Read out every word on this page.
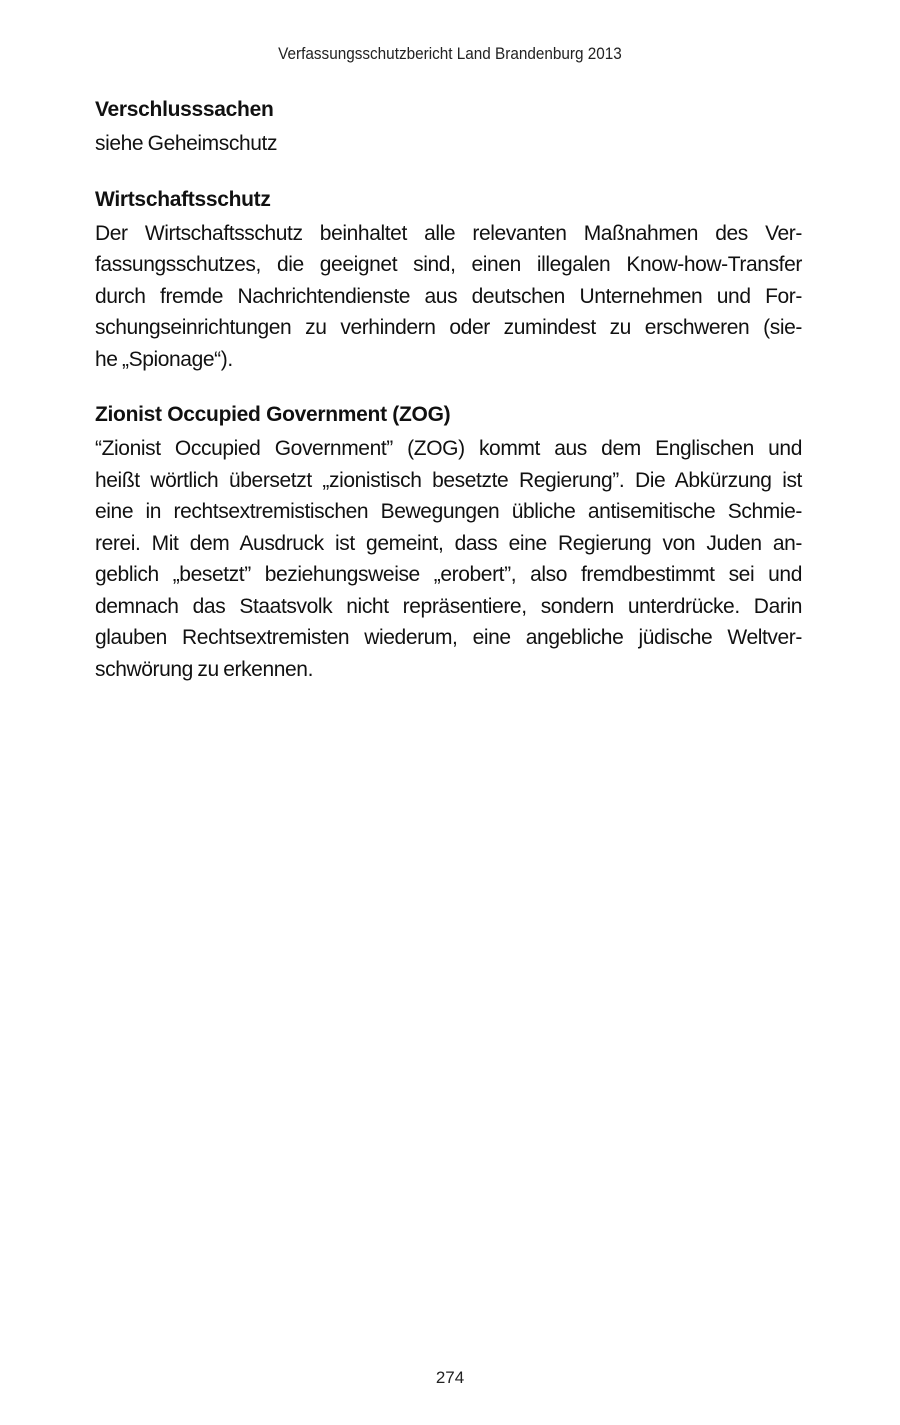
Verfassungsschutzbericht Land Brandenburg 2013
Verschlusssachen
siehe Geheimschutz
Wirtschaftsschutz
Der Wirtschaftsschutz beinhaltet alle relevanten Maßnahmen des Ver-
fassungsschutzes, die geeignet sind, einen illegalen Know-how-Transfer
durch fremde Nachrichtendienste aus deutschen Unternehmen und For-
schungseinrichtungen zu verhindern oder zumindest zu erschweren (sie-
he „Spionage“).
Zionist Occupied Government (ZOG)
“Zionist Occupied Government” (ZOG) kommt aus dem Englischen und
heißt wörtlich übersetzt „zionistisch besetzte Regierung”. Die Abkürzung ist
eine in rechtsextremistischen Bewegungen übliche antisemitische Schmie-
rerei. Mit dem Ausdruck ist gemeint, dass eine Regierung von Juden an-
geblich „besetzt” beziehungsweise „erobert”, also fremdbestimmt sei und
demnach das Staatsvolk nicht repräsentiere, sondern unterdrücke. Darin
glauben Rechtsextremisten wiederum, eine angebliche jüdische Weltver-
schwörung zu erkennen.
274
